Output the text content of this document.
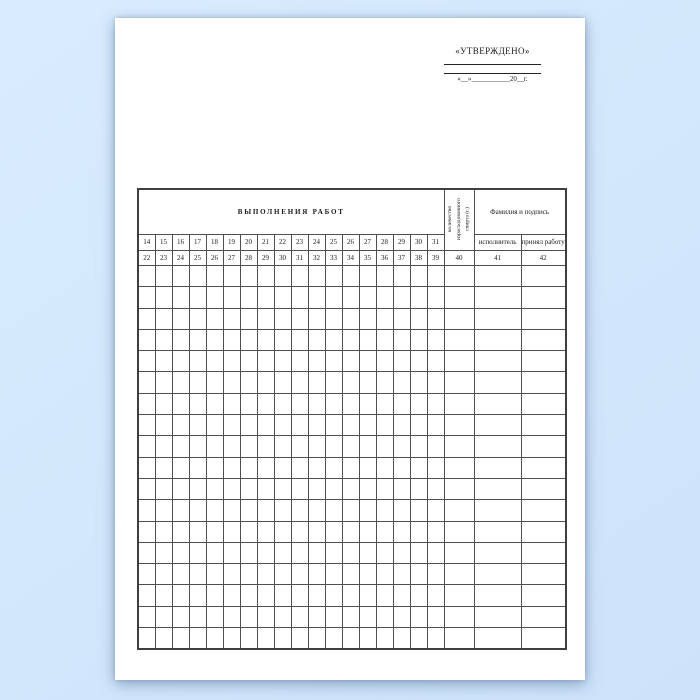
«УТВЕРЖДЕНО»
«__»___________20__г.
ВЫПОЛНЕНИЯ РАБОТ																		количество израсходованного спирта (г.)	Фамилия и подпись	
14	15	16	17	18	19	20	21	22	23	24	25	26	27	28	29	30	31		исполнитель	принял работу
22	23	24	25	26	27	28	29	30	31	32	33	34	35	36	37	38	39	40	41	42
